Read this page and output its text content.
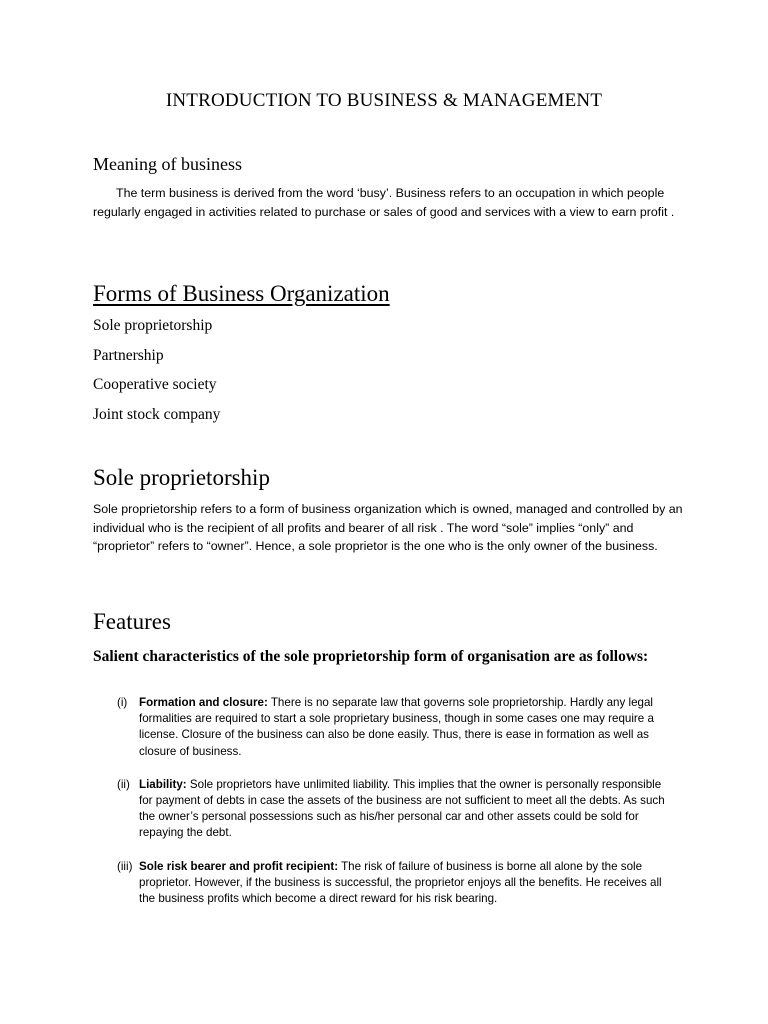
INTRODUCTION TO BUSINESS & MANAGEMENT
Meaning of business

The term business is derived from the word ‘busy’. Business refers to an occupation in which people regularly engaged in activities related to purchase or sales of good and services with a view to earn profit .

Forms of Business Organization
Sole proprietorship
Partnership
Cooperative society
Joint stock company
Sole proprietorship

Sole proprietorship refers to a form of business organization which is owned, managed and controlled by an individual who is the recipient of all profits and bearer of all risk . The word “sole” implies “only” and “proprietor” refers to “owner”. Hence, a sole proprietor is the one who is the only owner of the business.

Features

Salient characteristics of the sole proprietorship form of organisation are as follows:

(i) Formation and closure: There is no separate law that governs sole proprietorship. Hardly any legal formalities are required to start a sole proprietary business, though in some cases one may require a license. Closure of the business can also be done easily. Thus, there is ease in formation as well as closure of business.
(ii) Liability: Sole proprietors have unlimited liability. This implies that the owner is personally responsible for payment of debts in case the assets of the business are not sufficient to meet all the debts. As such the owner’s personal possessions such as his/her personal car and other assets could be sold for repaying the debt.
(iii) Sole risk bearer and profit recipient: The risk of failure of business is borne all alone by the sole proprietor. However, if the business is successful, the proprietor enjoys all the benefits. He receives all the business profits which become a direct reward for his risk bearing.
